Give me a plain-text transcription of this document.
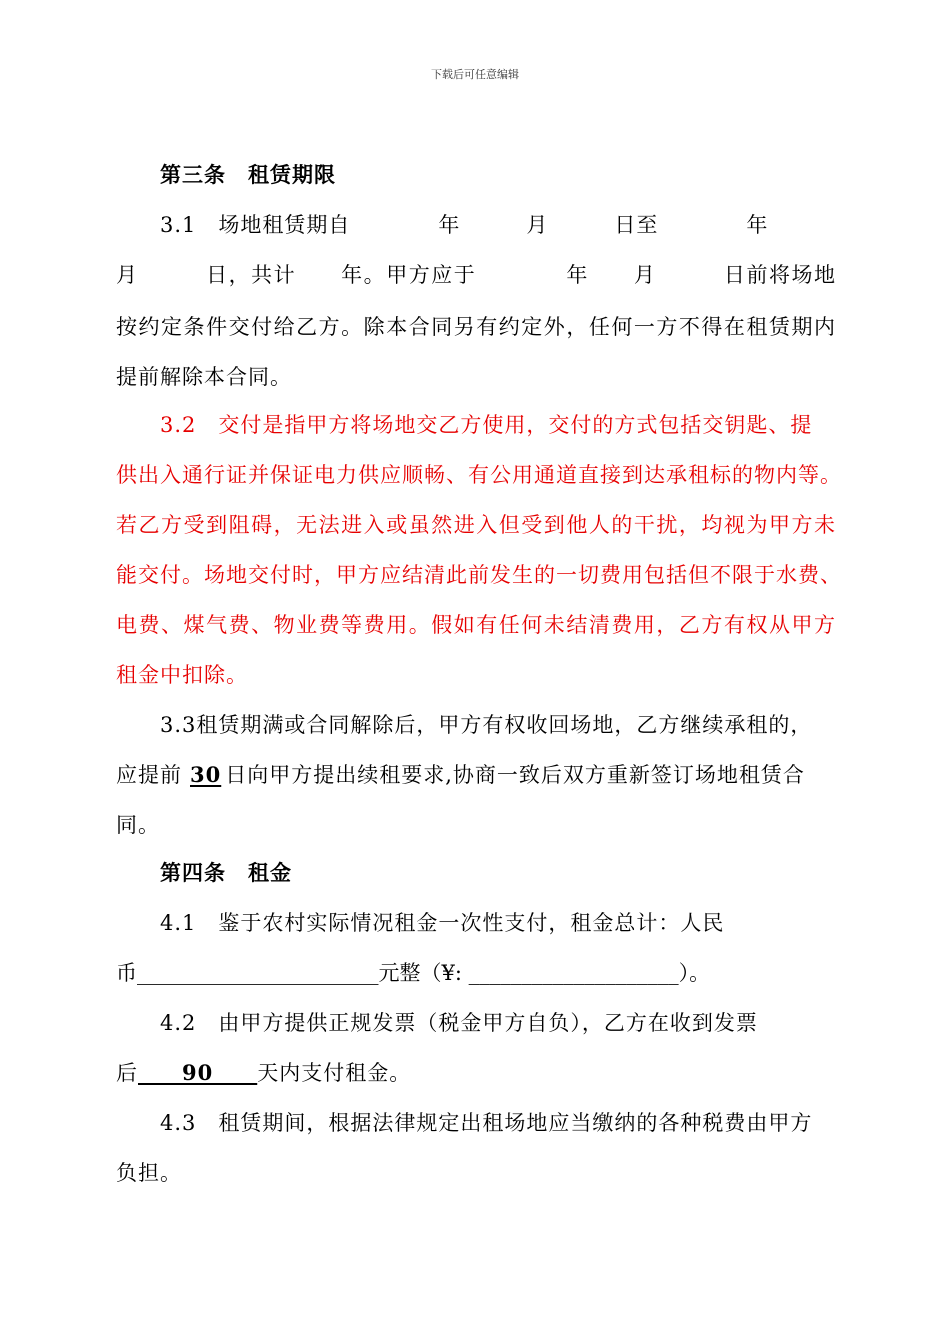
下载后可任意编辑
第三条　租赁期限
3.1　场地租赁期自　　　　年　　　月　　　日至　　　　年
月　　　日，共计　　年。甲方应于　　　　年　　月　　　日前将场地
按约定条件交付给乙方。除本合同另有约定外，任何一方不得在租赁期内
提前解除本合同。
3.2　交付是指甲方将场地交乙方使用，交付的方式包括交钥匙、提
供出入通行证并保证电力供应顺畅、有公用通道直接到达承租标的物内等。
若乙方受到阻碍，无法进入或虽然进入但受到他人的干扰，均视为甲方未
能交付。场地交付时，甲方应结清此前发生的一切费用包括但不限于水费、
电费、煤气费、物业费等费用。假如有任何未结清费用，乙方有权从甲方
租金中扣除。
3.3租赁期满或合同解除后，甲方有权收回场地，乙方继续承租的，
应提前 30 日向甲方提出续租要求,协商一致后双方重新签订场地租赁合
同。
第四条　租金
4.1　鉴于农村实际情况租金一次性支付，租金总计：人民
币_______________________元整（¥: ____________________）。
4.2　由甲方提供正规发票（税金甲方自负），乙方在收到发票
后　　90　　天内支付租金。
4.3　租赁期间，根据法律规定出租场地应当缴纳的各种税费由甲方
负担。
